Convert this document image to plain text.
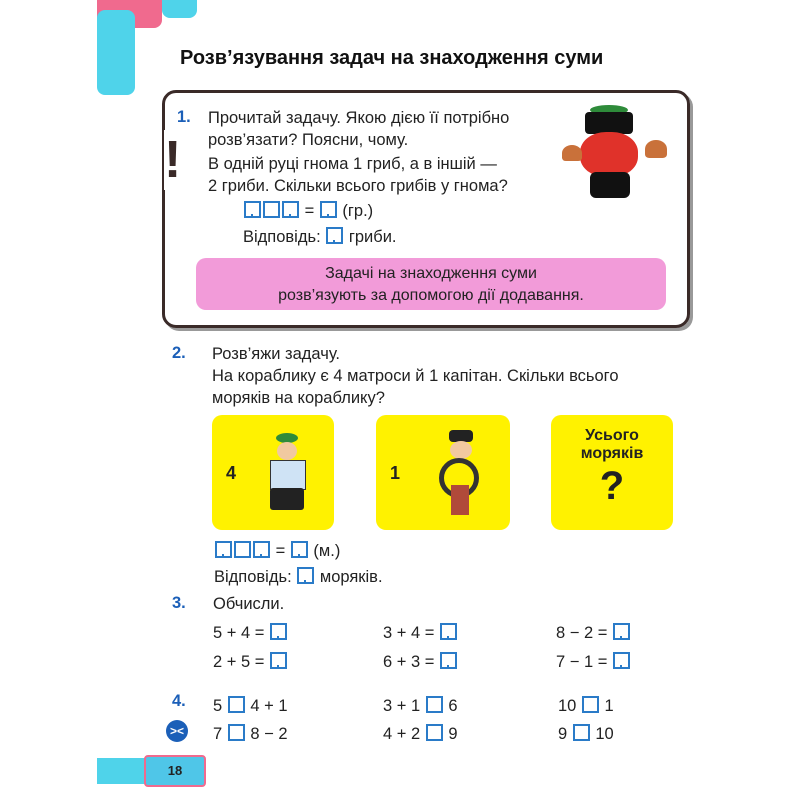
Розв’язування задач на знаходження суми
!
1. Прочитай задачу. Якою дією її потрібно
розв’язати? Поясни, чому.
В одній руці гнома 1 гриб, а в іншій —
2 гриби. Скільки всього грибів у гнома?
=  (гр.)
Відповідь: гриби.
Задачі на знаходження суми
розв’язують за допомогою дії додавання.
2. Розв’яжи задачу.
На кораблику є 4 матроси й 1 капітан. Скільки всього
моряків на кораблику?
4	1
Усього
моряків
?
=  (м.)
Відповідь: моряків.
3. Обчисли.
5 + 4 =	3 + 4 =	8 − 2 =
2 + 5 =	6 + 3 =	7 − 1 =
4.
><
5 4 + 1	3 + 1 6	10 1
7 8 − 2	4 + 2 9	9 10
18
